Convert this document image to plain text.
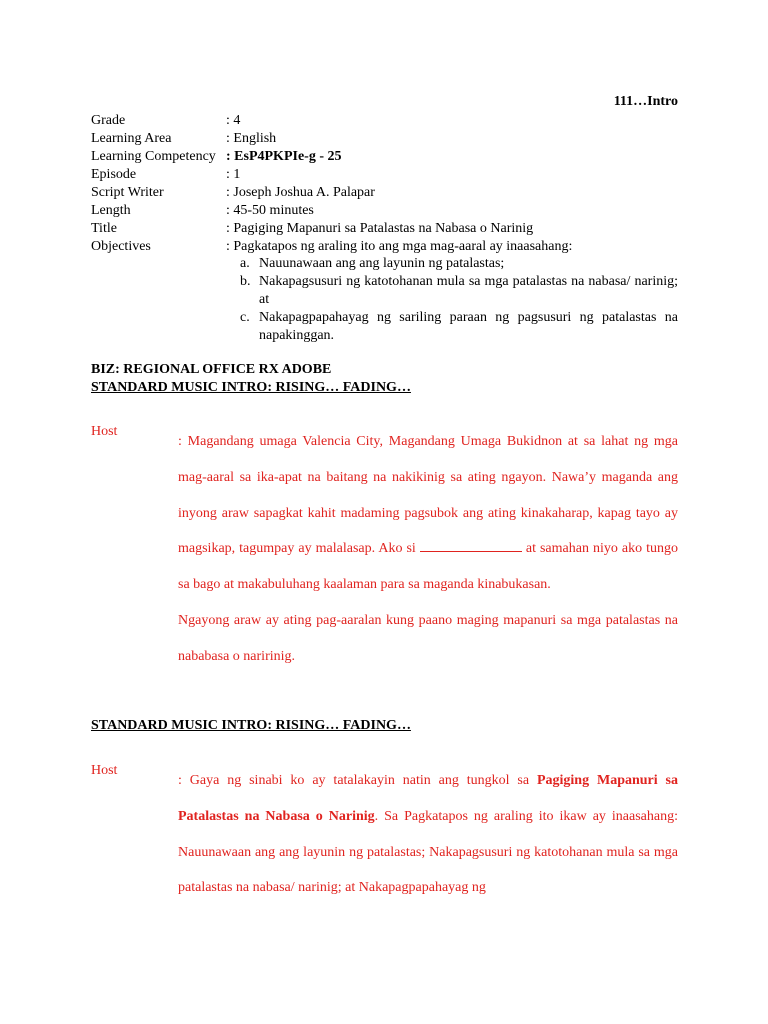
111…Intro
Grade	: 4
Learning Area	: English
Learning Competency : EsP4PKPIe-g - 25
Episode	: 1
Script Writer	: Joseph Joshua A. Palapar
Length	: 45-50 minutes
Title	: Pagiging Mapanuri sa Patalastas na Nabasa o Narinig
Objectives	: Pagkatapos ng araling ito ang mga mag-aaral ay inaasahang:
a. Nauunawaan ang ang layunin ng patalastas;
b. Nakapagsusuri ng katotohanan mula sa mga patalastas na nabasa/ narinig; at
c. Nakapagpapahayag ng sariling paraan ng pagsusuri ng patalastas na napakinggan.
BIZ: REGIONAL OFFICE RX ADOBE
STANDARD MUSIC INTRO: RISING… FADING…
Host

: Magandang umaga Valencia City, Magandang Umaga Bukidnon at sa lahat ng mga mag-aaral sa ika-apat na baitang na nakikinig sa ating ngayon. Nawa’y maganda ang inyong araw sapagkat kahit madaming pagsubok ang ating kinakaharap, kapag tayo ay magsikap, tagumpay ay malalasap. Ako si	at samahan niyo ako tungo sa bago at makabuluhang kaalaman para sa maganda kinabukasan.

Ngayong araw ay ating pag-aaralan kung paano maging mapanuri sa mga patalastas na nababasa o naririnig.

STANDARD MUSIC INTRO: RISING… FADING…
Host

: Gaya ng sinabi ko ay tatalakayin natin ang tungkol sa Pagiging Mapanuri sa Patalastas na Nabasa o Narinig. Sa Pagkatapos ng araling ito ikaw ay inaasahang: Nauunawaan ang ang layunin ng patalastas; Nakapagsusuri ng katotohanan mula sa mga patalastas na nabasa/ narinig; at Nakapagpapahayag ng
